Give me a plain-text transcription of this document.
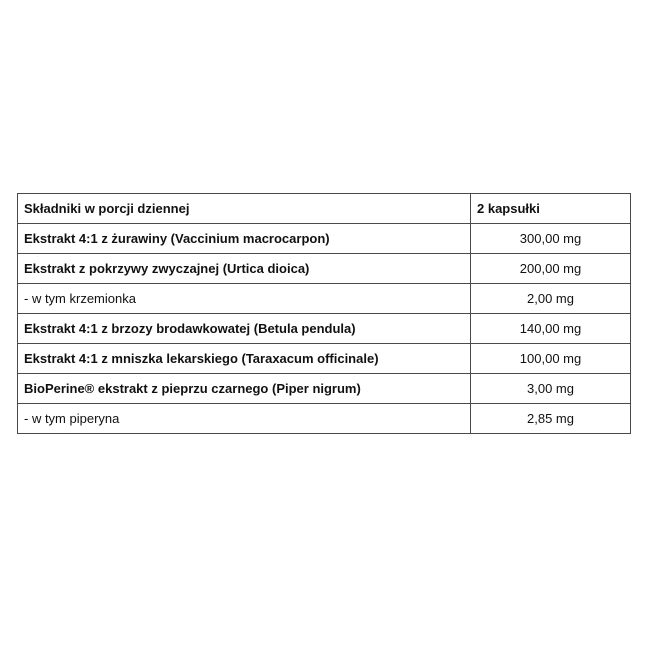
Składniki w porcji dziennej	2 kapsułki
Ekstrakt 4:1 z żurawiny (Vaccinium macrocarpon)	300,00 mg
Ekstrakt z pokrzywy zwyczajnej (Urtica dioica)	200,00 mg
- w tym krzemionka	2,00 mg
Ekstrakt 4:1 z brzozy brodawkowatej (Betula pendula)	140,00 mg
Ekstrakt 4:1 z mniszka lekarskiego (Taraxacum officinale)	100,00 mg
BioPerine® ekstrakt z pieprzu czarnego (Piper nigrum)	3,00 mg
- w tym piperyna	2,85 mg
